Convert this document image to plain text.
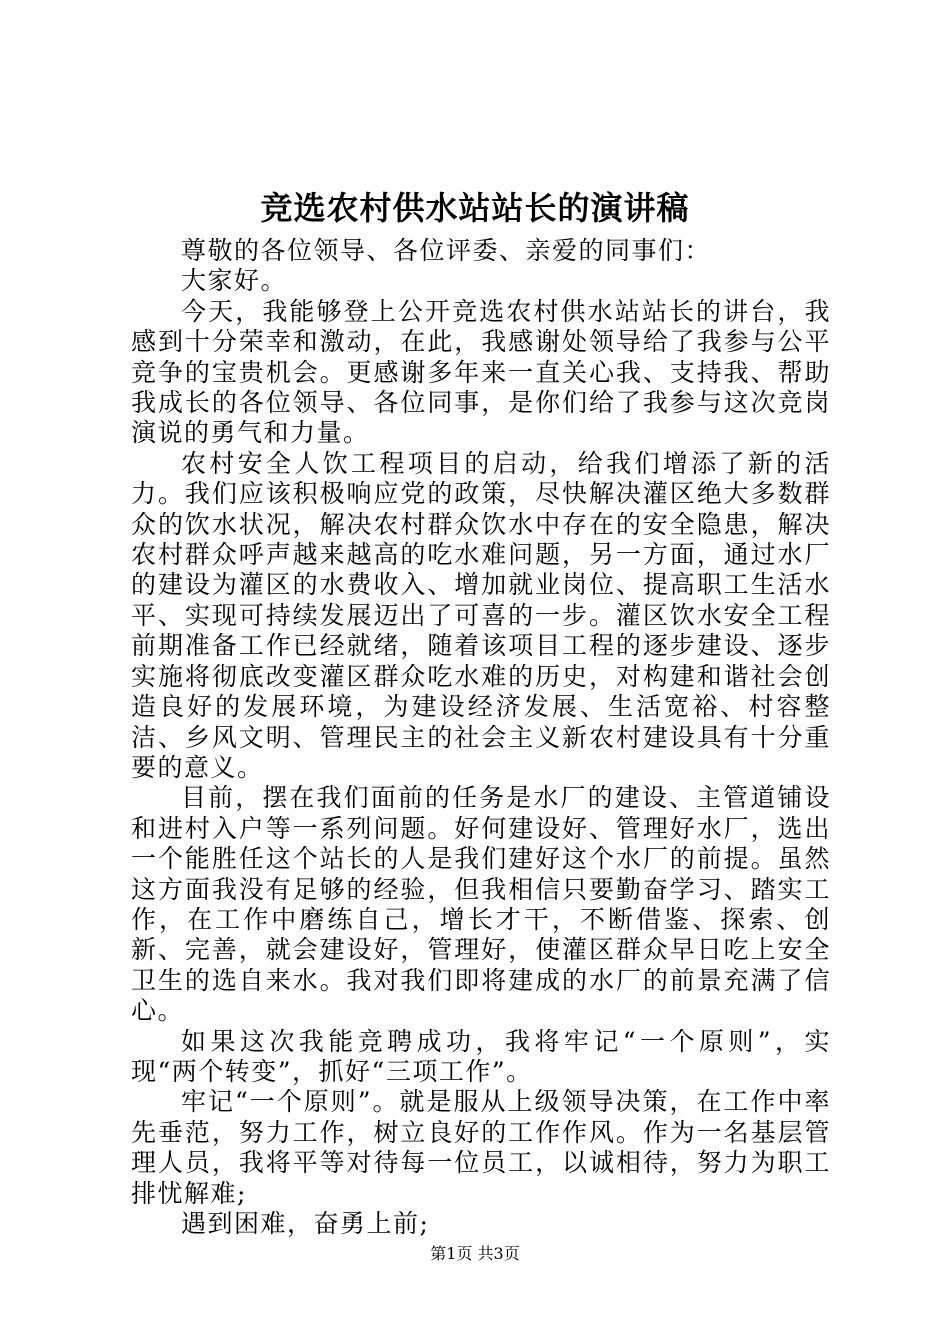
竞选农村供水站站长的演讲稿

尊敬的各位领导、各位评委、亲爱的同事们：

大家好。

今天，我能够登上公开竞选农村供水站站长的讲台，我感到十分荣幸和激动，在此，我感谢处领导给了我参与公平竞争的宝贵机会。更感谢多年来一直关心我、支持我、帮助我成长的各位领导、各位同事，是你们给了我参与这次竞岗演说的勇气和力量。

农村安全人饮工程项目的启动，给我们增添了新的活力。我们应该积极响应党的政策，尽快解决灌区绝大多数群众的饮水状况，解决农村群众饮水中存在的安全隐患，解决农村群众呼声越来越高的吃水难问题，另一方面，通过水厂的建设为灌区的水费收入、增加就业岗位、提高职工生活水平、实现可持续发展迈出了可喜的一步。灌区饮水安全工程前期准备工作已经就绪，随着该项目工程的逐步建设、逐步实施将彻底改变灌区群众吃水难的历史，对构建和谐社会创造良好的发展环境，为建设经济发展、生活宽裕、村容整洁、乡风文明、管理民主的社会主义新农村建设具有十分重要的意义。

目前，摆在我们面前的任务是水厂的建设、主管道铺设和进村入户等一系列问题。好何建设好、管理好水厂，选出一个能胜任这个站长的人是我们建好这个水厂的前提。虽然这方面我没有足够的经验，但我相信只要勤奋学习、踏实工作，在工作中磨练自己，增长才干，不断借鉴、探索、创新、完善，就会建设好，管理好，使灌区群众早日吃上安全卫生的选自来水。我对我们即将建成的水厂的前景充满了信心。

如果这次我能竞聘成功，我将牢记“一个原则”，实现“两个转变”，抓好“三项工作”。

牢记“一个原则”。就是服从上级领导决策，在工作中率先垂范，努力工作，树立良好的工作作风。作为一名基层管理人员，我将平等对待每一位员工，以诚相待，努力为职工排忧解难;

遇到困难，奋勇上前;

第1页 共3页
